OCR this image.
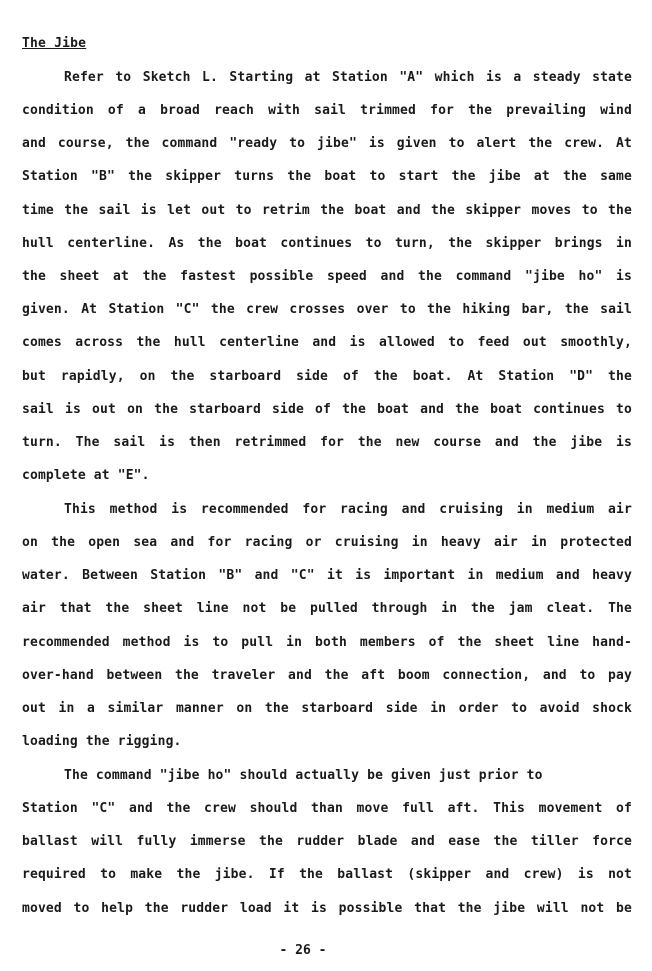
The Jibe
Refer to Sketch L. Starting at Station "A" which is a steady state
condition of a broad reach with sail trimmed for the prevailing wind
and course, the command "ready to jibe" is given to alert the crew. At
Station "B" the skipper turns the boat to start the jibe at the same
time the sail is let out to retrim the boat and the skipper moves to the
hull centerline. As the boat continues to turn, the skipper brings in
the sheet at the fastest possible speed and the command "jibe ho" is
given. At Station "C" the crew crosses over to the hiking bar, the sail
comes across the hull centerline and is allowed to feed out smoothly,
but rapidly, on the starboard side of the boat. At Station "D" the
sail is out on the starboard side of the boat and the boat continues to
turn. The sail is then retrimmed for the new course and the jibe is
complete at "E".
This method is recommended for racing and cruising in medium air
on the open sea and for racing or cruising in heavy air in protected
water. Between Station "B" and "C" it is important in medium and heavy
air that the sheet line not be pulled through in the jam cleat. The
recommended method is to pull in both members of the sheet line hand-
over-hand between the traveler and the aft boom connection, and to pay
out in a similar manner on the starboard side in order to avoid shock
loading the rigging.
The command "jibe ho" should actually be given just prior to
Station "C" and the crew should than move full aft. This movement of
ballast will fully immerse the rudder blade and ease the tiller force
required to make the jibe. If the ballast (skipper and crew) is not
moved to help the rudder load it is possible that the jibe will not be
- 26 -
